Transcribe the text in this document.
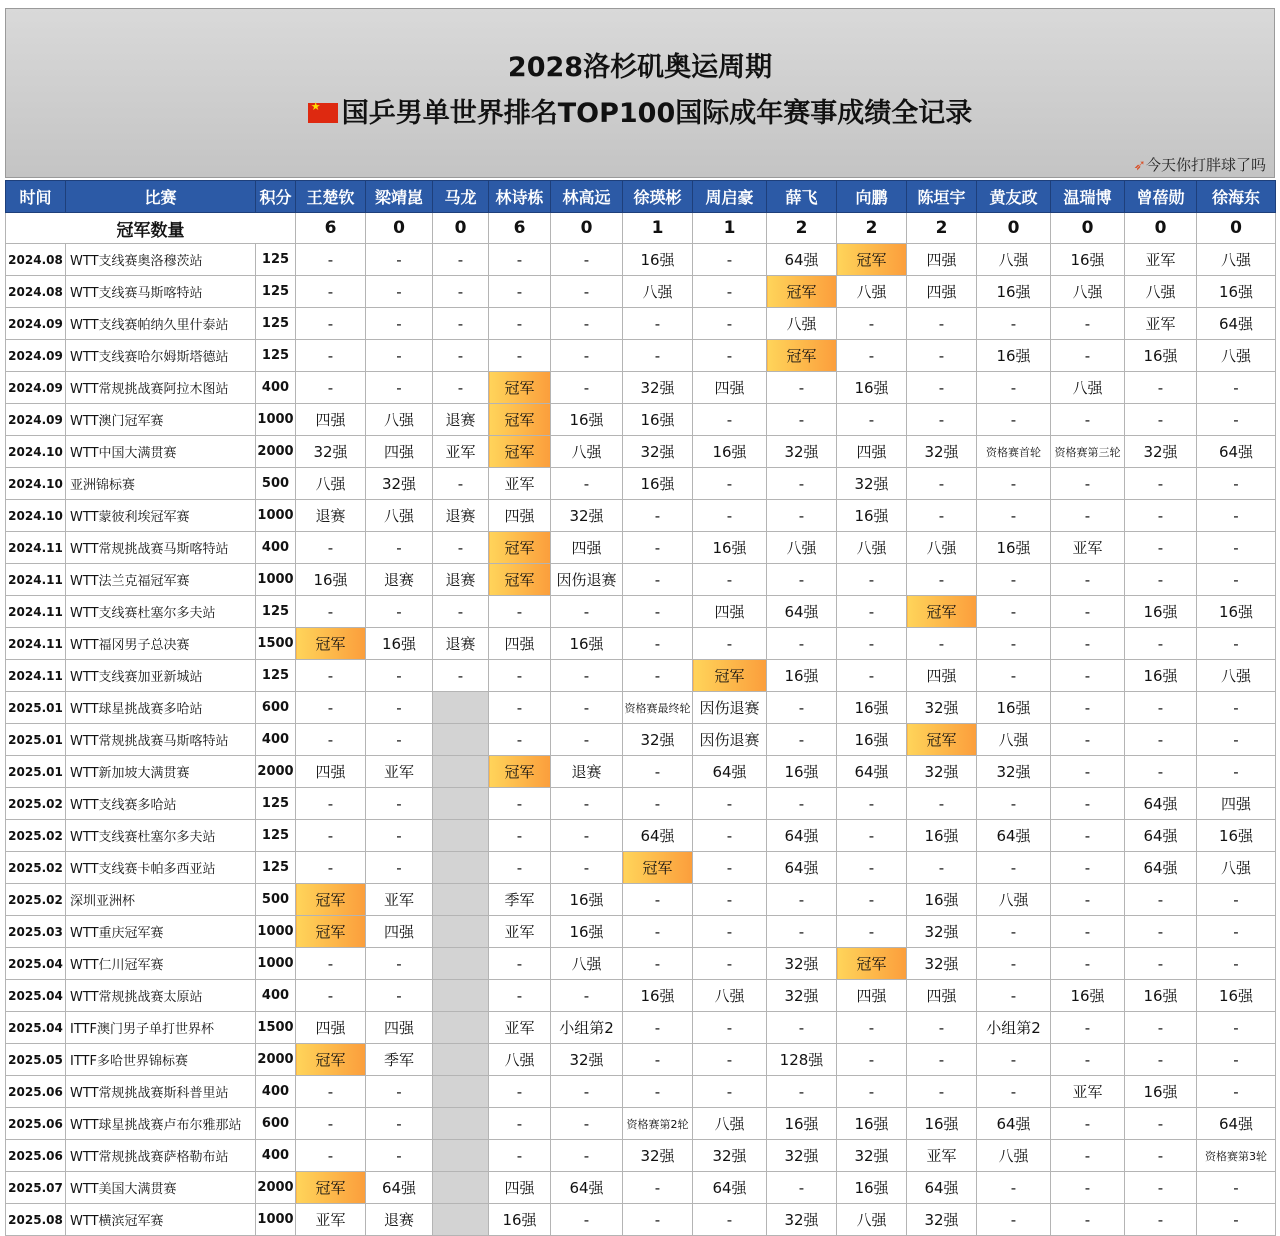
2028洛杉矶奥运周期
★国乒男单世界排名TOP100国际成年赛事成绩全记录
➶今天你打胖球了吗
时间	比赛	积分	王楚钦	梁靖崑	马龙	林诗栋	林高远	徐瑛彬	周启豪	薛飞	向鹏	陈垣宇	黄友政	温瑞博	曾蓓勋	徐海东
冠军数量			6	0	0	6	0	1	1	2	2	2	0	0	0	0
2024.08	WTT支线赛奥洛穆茨站	125	-	-	-	-	-	16强	-	64强	冠军	四强	八强	16强	亚军	八强
2024.08	WTT支线赛马斯喀特站	125	-	-	-	-	-	八强	-	冠军	八强	四强	16强	八强	八强	16强
2024.09	WTT支线赛帕纳久里什泰站	125	-	-	-	-	-	-	-	八强	-	-	-	-	亚军	64强
2024.09	WTT支线赛哈尔姆斯塔德站	125	-	-	-	-	-	-	-	冠军	-	-	16强	-	16强	八强
2024.09	WTT常规挑战赛阿拉木图站	400	-	-	-	冠军	-	32强	四强	-	16强	-	-	八强	-	-
2024.09	WTT澳门冠军赛	1000	四强	八强	退赛	冠军	16强	16强	-	-	-	-	-	-	-	-
2024.10	WTT中国大满贯赛	2000	32强	四强	亚军	冠军	八强	32强	16强	32强	四强	32强	资格赛首轮	资格赛第三轮	32强	64强
2024.10	亚洲锦标赛	500	八强	32强	-	亚军	-	16强	-	-	32强	-	-	-	-	-
2024.10	WTT蒙彼利埃冠军赛	1000	退赛	八强	退赛	四强	32强	-	-	-	16强	-	-	-	-	-
2024.11	WTT常规挑战赛马斯喀特站	400	-	-	-	冠军	四强	-	16强	八强	八强	八强	16强	亚军	-	-
2024.11	WTT法兰克福冠军赛	1000	16强	退赛	退赛	冠军	因伤退赛	-	-	-	-	-	-	-	-	-
2024.11	WTT支线赛杜塞尔多夫站	125	-	-	-	-	-	-	四强	64强	-	冠军	-	-	16强	16强
2024.11	WTT福冈男子总决赛	1500	冠军	16强	退赛	四强	16强	-	-	-	-	-	-	-	-	-
2024.11	WTT支线赛加亚新城站	125	-	-	-	-	-	-	冠军	16强	-	四强	-	-	16强	八强
2025.01	WTT球星挑战赛多哈站	600	-	-		-	-	资格赛最终轮	因伤退赛	-	16强	32强	16强	-	-	-
2025.01	WTT常规挑战赛马斯喀特站	400	-	-		-	-	32强	因伤退赛	-	16强	冠军	八强	-	-	-
2025.01	WTT新加坡大满贯赛	2000	四强	亚军		冠军	退赛	-	64强	16强	64强	32强	32强	-	-	-
2025.02	WTT支线赛多哈站	125	-	-		-	-	-	-	-	-	-	-	-	64强	四强
2025.02	WTT支线赛杜塞尔多夫站	125	-	-		-	-	64强	-	64强	-	16强	64强	-	64强	16强
2025.02	WTT支线赛卡帕多西亚站	125	-	-		-	-	冠军	-	64强	-	-	-	-	64强	八强
2025.02	深圳亚洲杯	500	冠军	亚军		季军	16强	-	-	-	-	16强	八强	-	-	-
2025.03	WTT重庆冠军赛	1000	冠军	四强		亚军	16强	-	-	-	-	32强	-	-	-	-
2025.04	WTT仁川冠军赛	1000	-	-		-	八强	-	-	32强	冠军	32强	-	-	-	-
2025.04	WTT常规挑战赛太原站	400	-	-		-	-	16强	八强	32强	四强	四强	-	16强	16强	16强
2025.04	ITTF澳门男子单打世界杯	1500	四强	四强		亚军	小组第2	-	-	-	-	-	小组第2	-	-	-
2025.05	ITTF多哈世界锦标赛	2000	冠军	季军		八强	32强	-	-	128强	-	-	-	-	-	-
2025.06	WTT常规挑战赛斯科普里站	400	-	-		-	-	-	-	-	-	-	-	亚军	16强	-
2025.06	WTT球星挑战赛卢布尔雅那站	600	-	-		-	-	资格赛第2轮	八强	16强	16强	16强	64强	-	-	64强
2025.06	WTT常规挑战赛萨格勒布站	400	-	-		-	-	32强	32强	32强	32强	亚军	八强	-	-	资格赛第3轮
2025.07	WTT美国大满贯赛	2000	冠军	64强		四强	64强	-	64强	-	16强	64强	-	-	-	-
2025.08	WTT横滨冠军赛	1000	亚军	退赛		16强	-	-	-	32强	八强	32强	-	-	-	-
